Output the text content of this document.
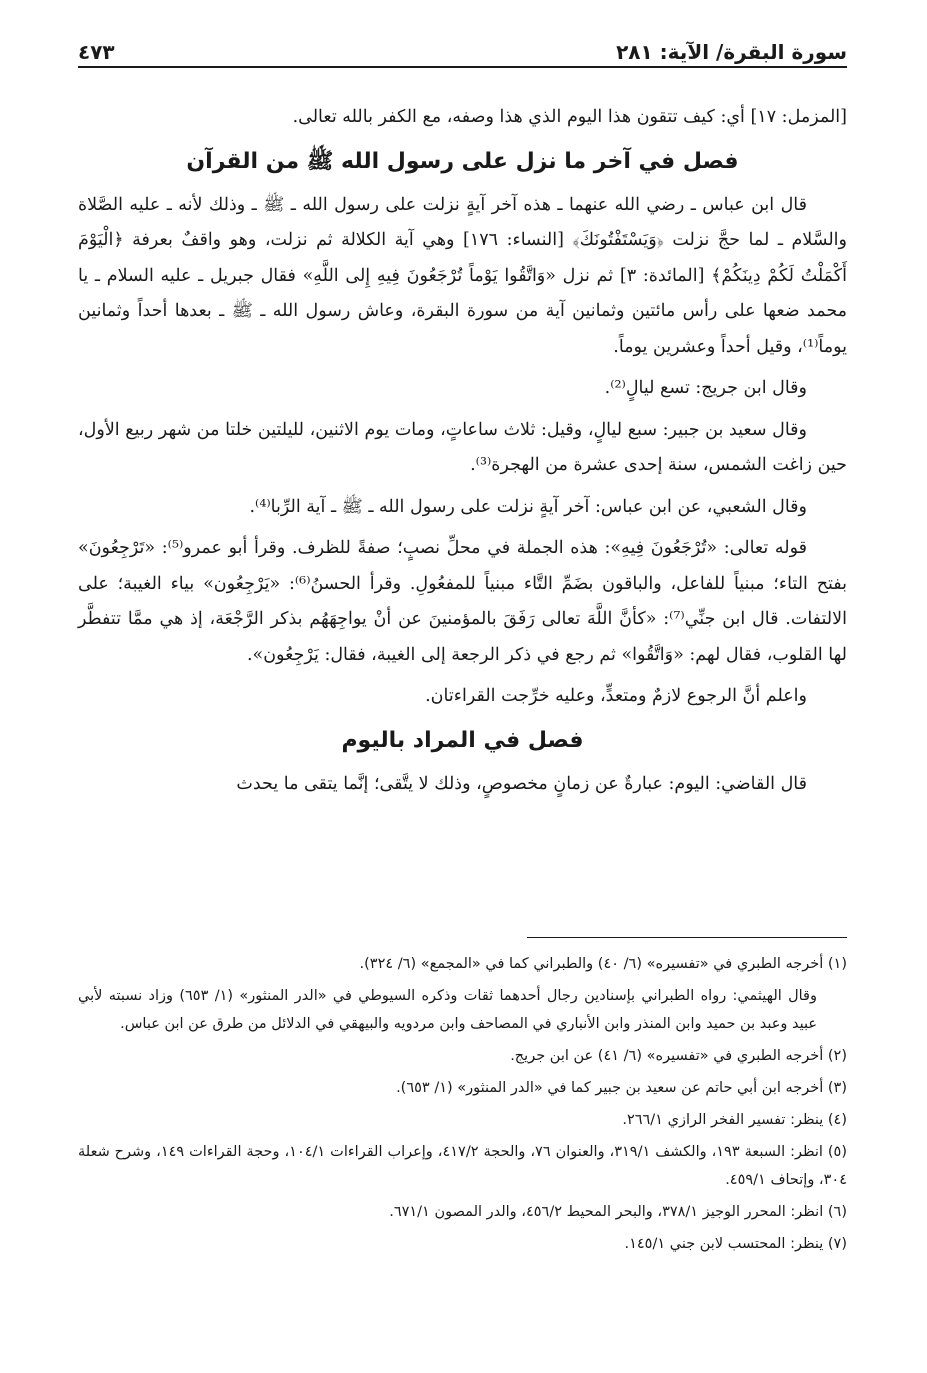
سورة البقرة/ الآية: ٢٨١
٤٧٣

[المزمل: ١٧] أي: كيف تتقون هذا اليوم الذي هذا وصفه، مع الكفر بالله تعالى.

فصل في آخر ما نزل على رسول الله ﷺ من القرآن

قال ابن عباس ـ رضي الله عنهما ـ هذه آخر آيةٍ نزلت على رسول الله ـ ﷺ ـ وذلك لأنه ـ عليه الصَّلاة والسَّلام ـ لما حجَّ نزلت ﴿وَيَسْتَفْتُونَكَ﴾ [النساء: ١٧٦] وهي آية الكلالة ثم نزلت، وهو واقفٌ بعرفة ﴿الْيَوْمَ أَكْمَلْتُ لَكُمْ دِينَكُمْ﴾ [المائدة: ٣] ثم نزل «وَاتَّقُوا يَوْماً تُرْجَعُونَ فِيهِ إِلى اللَّهِ» فقال جبريل ـ عليه السلام ـ يا محمد ضعها على رأس مائتين وثمانين آية من سورة البقرة، وعاش رسول الله ـ ﷺ ـ بعدها أحداً وثمانين يوماً⁽¹⁾، وقيل أحداً وعشرين يوماً.

وقال ابن جريج: تسع ليالٍ⁽²⁾.

وقال سعيد بن جبير: سبع ليالٍ، وقيل: ثلاث ساعاتٍ، ومات يوم الاثنين، لليلتين خلتا من شهر ربيع الأول، حين زاغت الشمس، سنة إحدى عشرة من الهجرة⁽³⁾.

وقال الشعبي، عن ابن عباس: آخر آيةٍ نزلت على رسول الله ـ ﷺ ـ آية الرِّبا⁽⁴⁾.

قوله تعالى: «تُرْجَعُونَ فِيهِ»: هذه الجملة في محلِّ نصبٍ؛ صفةً للظرف. وقرأ أبو عمرو⁽⁵⁾: «تَرْجِعُونَ» بفتح التاء؛ مبنياً للفاعل، والباقون بضَمِّ التَّاء مبنياً للمفعُولِ. وقرأ الحسنُ⁽⁶⁾: «يَرْجِعُون» بياء الغيبة؛ على الالتفات. قال ابن جنِّي⁽⁷⁾: «كأنَّ اللَّهَ تعالى رَفَقَ بالمؤمنينَ عن أنْ يواجِهَهُم بذكر الرَّجْعَة، إذ هي ممَّا تتفطَّر لها القلوب، فقال لهم: «وَاتَّقُوا» ثم رجع في ذكر الرجعة إلى الغيبة، فقال: يَرْجِعُون».

واعلم أنَّ الرجوع لازمٌ ومتعدٍّ، وعليه خرِّجت القراءتان.

فصل في المراد باليوم

قال القاضي: اليوم: عبارةٌ عن زمانٍ مخصوصٍ، وذلك لا يتَّقى؛ إنَّما يتقى ما يحدث

(١) أخرجه الطبري في «تفسيره» (٦/ ٤٠) والطبراني كما في «المجمع» (٦/ ٣٢٤).

وقال الهيثمي: رواه الطبراني بإسنادين رجال أحدهما ثقات وذكره السيوطي في «الدر المنثور» (١/ ٦٥٣) وزاد نسبته لأبي عبيد وعبد بن حميد وابن المنذر وابن الأنباري في المصاحف وابن مردويه والبيهقي في الدلائل من طرق عن ابن عباس.

(٢) أخرجه الطبري في «تفسيره» (٦/ ٤١) عن ابن جريج.

(٣) أخرجه ابن أبي حاتم عن سعيد بن جبير كما في «الدر المنثور» (١/ ٦٥٣).

(٤) ينظر: تفسير الفخر الرازي ٢٦٦/١.

(٥) انظر: السبعة ١٩٣، والكشف ٣١٩/١، والعنوان ٧٦، والحجة ٤١٧/٢، وإعراب القراءات ١٠٤/١، وحجة القراءات ١٤٩، وشرح شعلة ٣٠٤، وإتحاف ٤٥٩/١.

(٦) انظر: المحرر الوجيز ٣٧٨/١، والبحر المحيط ٤٥٦/٢، والدر المصون ٦٧١/١.

(٧) ينظر: المحتسب لابن جني ١٤٥/١.
